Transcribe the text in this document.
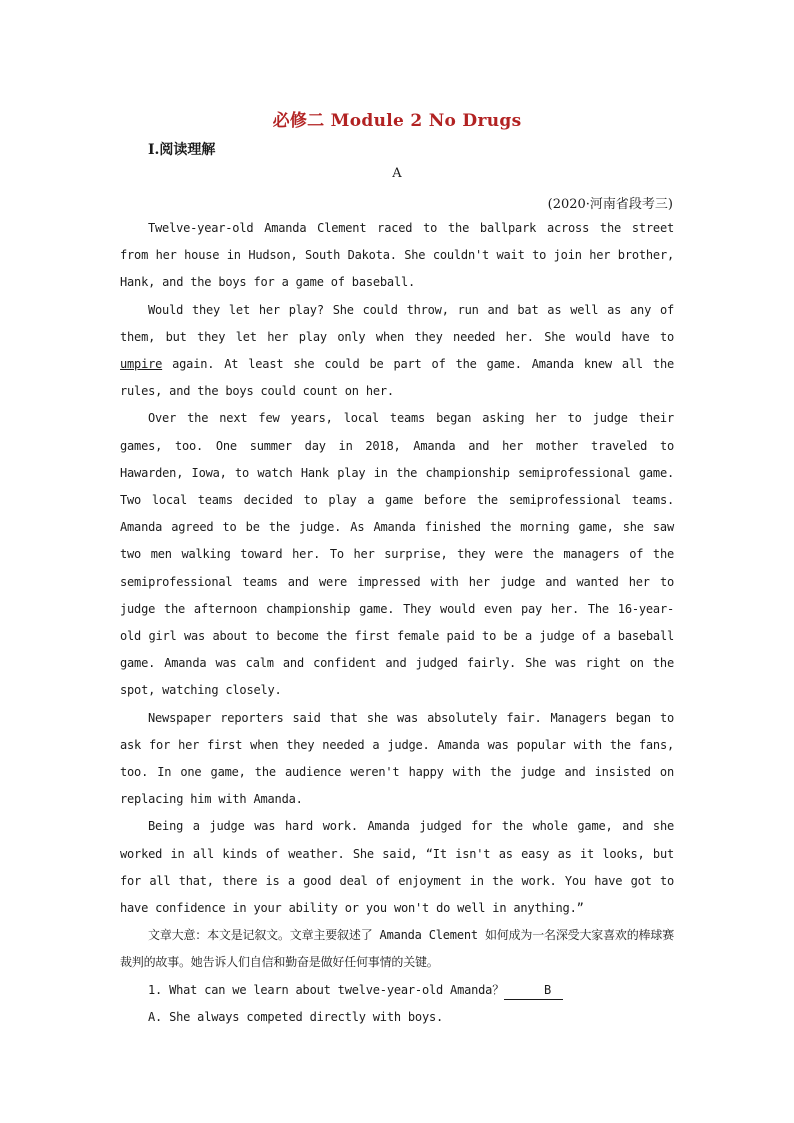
必修二 Module 2 No Drugs
Ⅰ.阅读理解
A
(2020·河南省段考三)

Twelve-year-old Amanda Clement raced to the ballpark across the street from her house in Hudson, South Dakota. She couldn't wait to join her brother, Hank, and the boys for a game of baseball.

Would they let her play? She could throw, run and bat as well as any of them, but they let her play only when they needed her. She would have to umpire again. At least she could be part of the game. Amanda knew all the rules, and the boys could count on her.

Over the next few years, local teams began asking her to judge their games, too. One summer day in 2018, Amanda and her mother traveled to Hawarden, Iowa, to watch Hank play in the championship semiprofessional game. Two local teams decided to play a game before the semiprofessional teams. Amanda agreed to be the judge. As Amanda finished the morning game, she saw two men walking toward her. To her surprise, they were the managers of the semiprofessional teams and were impressed with her judge and wanted her to judge the afternoon championship game. They would even pay her. The 16-year-old girl was about to become the first female paid to be a judge of a baseball game. Amanda was calm and confident and judged fairly. She was right on the spot, watching closely.

Newspaper reporters said that she was absolutely fair. Managers began to ask for her first when they needed a judge. Amanda was popular with the fans, too. In one game, the audience weren't happy with the judge and insisted on replacing him with Amanda.

Being a judge was hard work. Amanda judged for the whole game, and she worked in all kinds of weather. She said, “It isn't as easy as it looks, but for all that, there is a good deal of enjoyment in the work. You have got to have confidence in your ability or you won't do well in anything.”

文章大意：本文是记叙文。文章主要叙述了 Amanda Clement 如何成为一名深受大家喜欢的棒球赛裁判的故事。她告诉人们自信和勤奋是做好任何事情的关键。

1. What can we learn about twelve-year-old Amanda？	B

A. She always competed directly with boys.
